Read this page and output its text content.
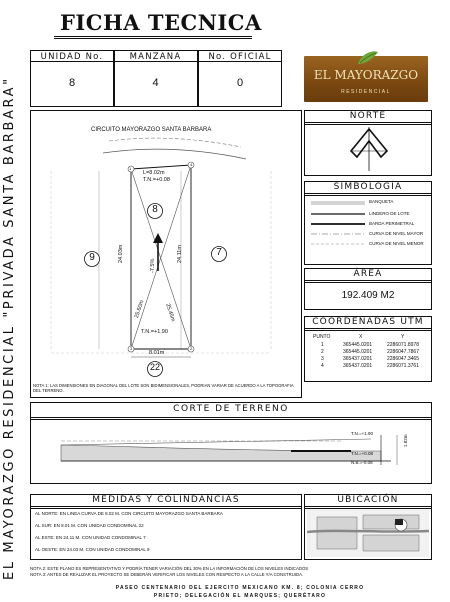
FICHA TECNICA
EL MAYORAZGO RESIDENCIAL "PRIVADA SANTA BARBARA"
UNIDAD No.	MANZANA	No. OFICIAL
8	4	0
EL MAYORAZGO
RESIDENCIAL
CIRCUITO MAYORAZGO SANTA BARBARA
8
9	7
22
L=8.02m
T.N.=+0.08
24.03m	24.11m
-7.5%
25.60m	25.45m
T.N.=+1.90
8.01m
1
2
3
4
NOTA 1: LAS DIMENSIONES EN DIAGONAL DEL LOTE SON BIDIMENSIONALES, PODRIAN VARIAR DE ACUERDO A LA TOPOGRAFIA DEL TERRENO.
NORTE
SIMBOLOGÍA
BANQUETA
LINDERO DE LOTE
BARDA PERIMETRAL
CURVA DE NIVEL MAYOR
CURVA DE NIVEL MENOR
ÁREA
192.409 M2
COORDENADAS UTM
PUNTO	X	Y
1	365445.0201	2286071.8978
2	365445.0201	2286047.7867
3	365437.0201	2286047.3465
4	365437.0201	2286071.3761
CORTE DE TERRENO
T.N.=+1.90
T.N.=+0.08
N.B.=-0.08
1.82m
MEDIDAS Y COLINDANCIAS
AL NORTE: EN LINEA CURVA DE 8.02 M. CON CIRCUITO MAYORAZGO SANTA BARBARA
AL SUR: EN 8.01 M. CON UNIDAD CONDOMINAL 22
AL ESTE: EN 24.11 M. CON UNIDAD CONDOMINAL 7
AL OESTE: EN 24.03 M. CON UNIDAD CONDOMINAL 9
UBICACIÓN
NOTA 2: ESTE PLANO ES REPRESENTATIVO Y PODRÍA TENER VARIACIÓN DEL 30% EN LA INFORMACIÓN DE LOS NIVELES INDICADOS
NOTA 3: ANTES DE REALIZAR EL PROYECTO SE DEBERÁN VERIFICAR LOS NIVELES CON RESPECTO A LA CALLE Y/A CONSTRUIDA.
PASEO CENTENARIO DEL EJERCITO MEXICANO KM. 8; COLONIA CERRO
PRIETO; DELEGACIÓN EL MARQUES; QUERÉTARO
